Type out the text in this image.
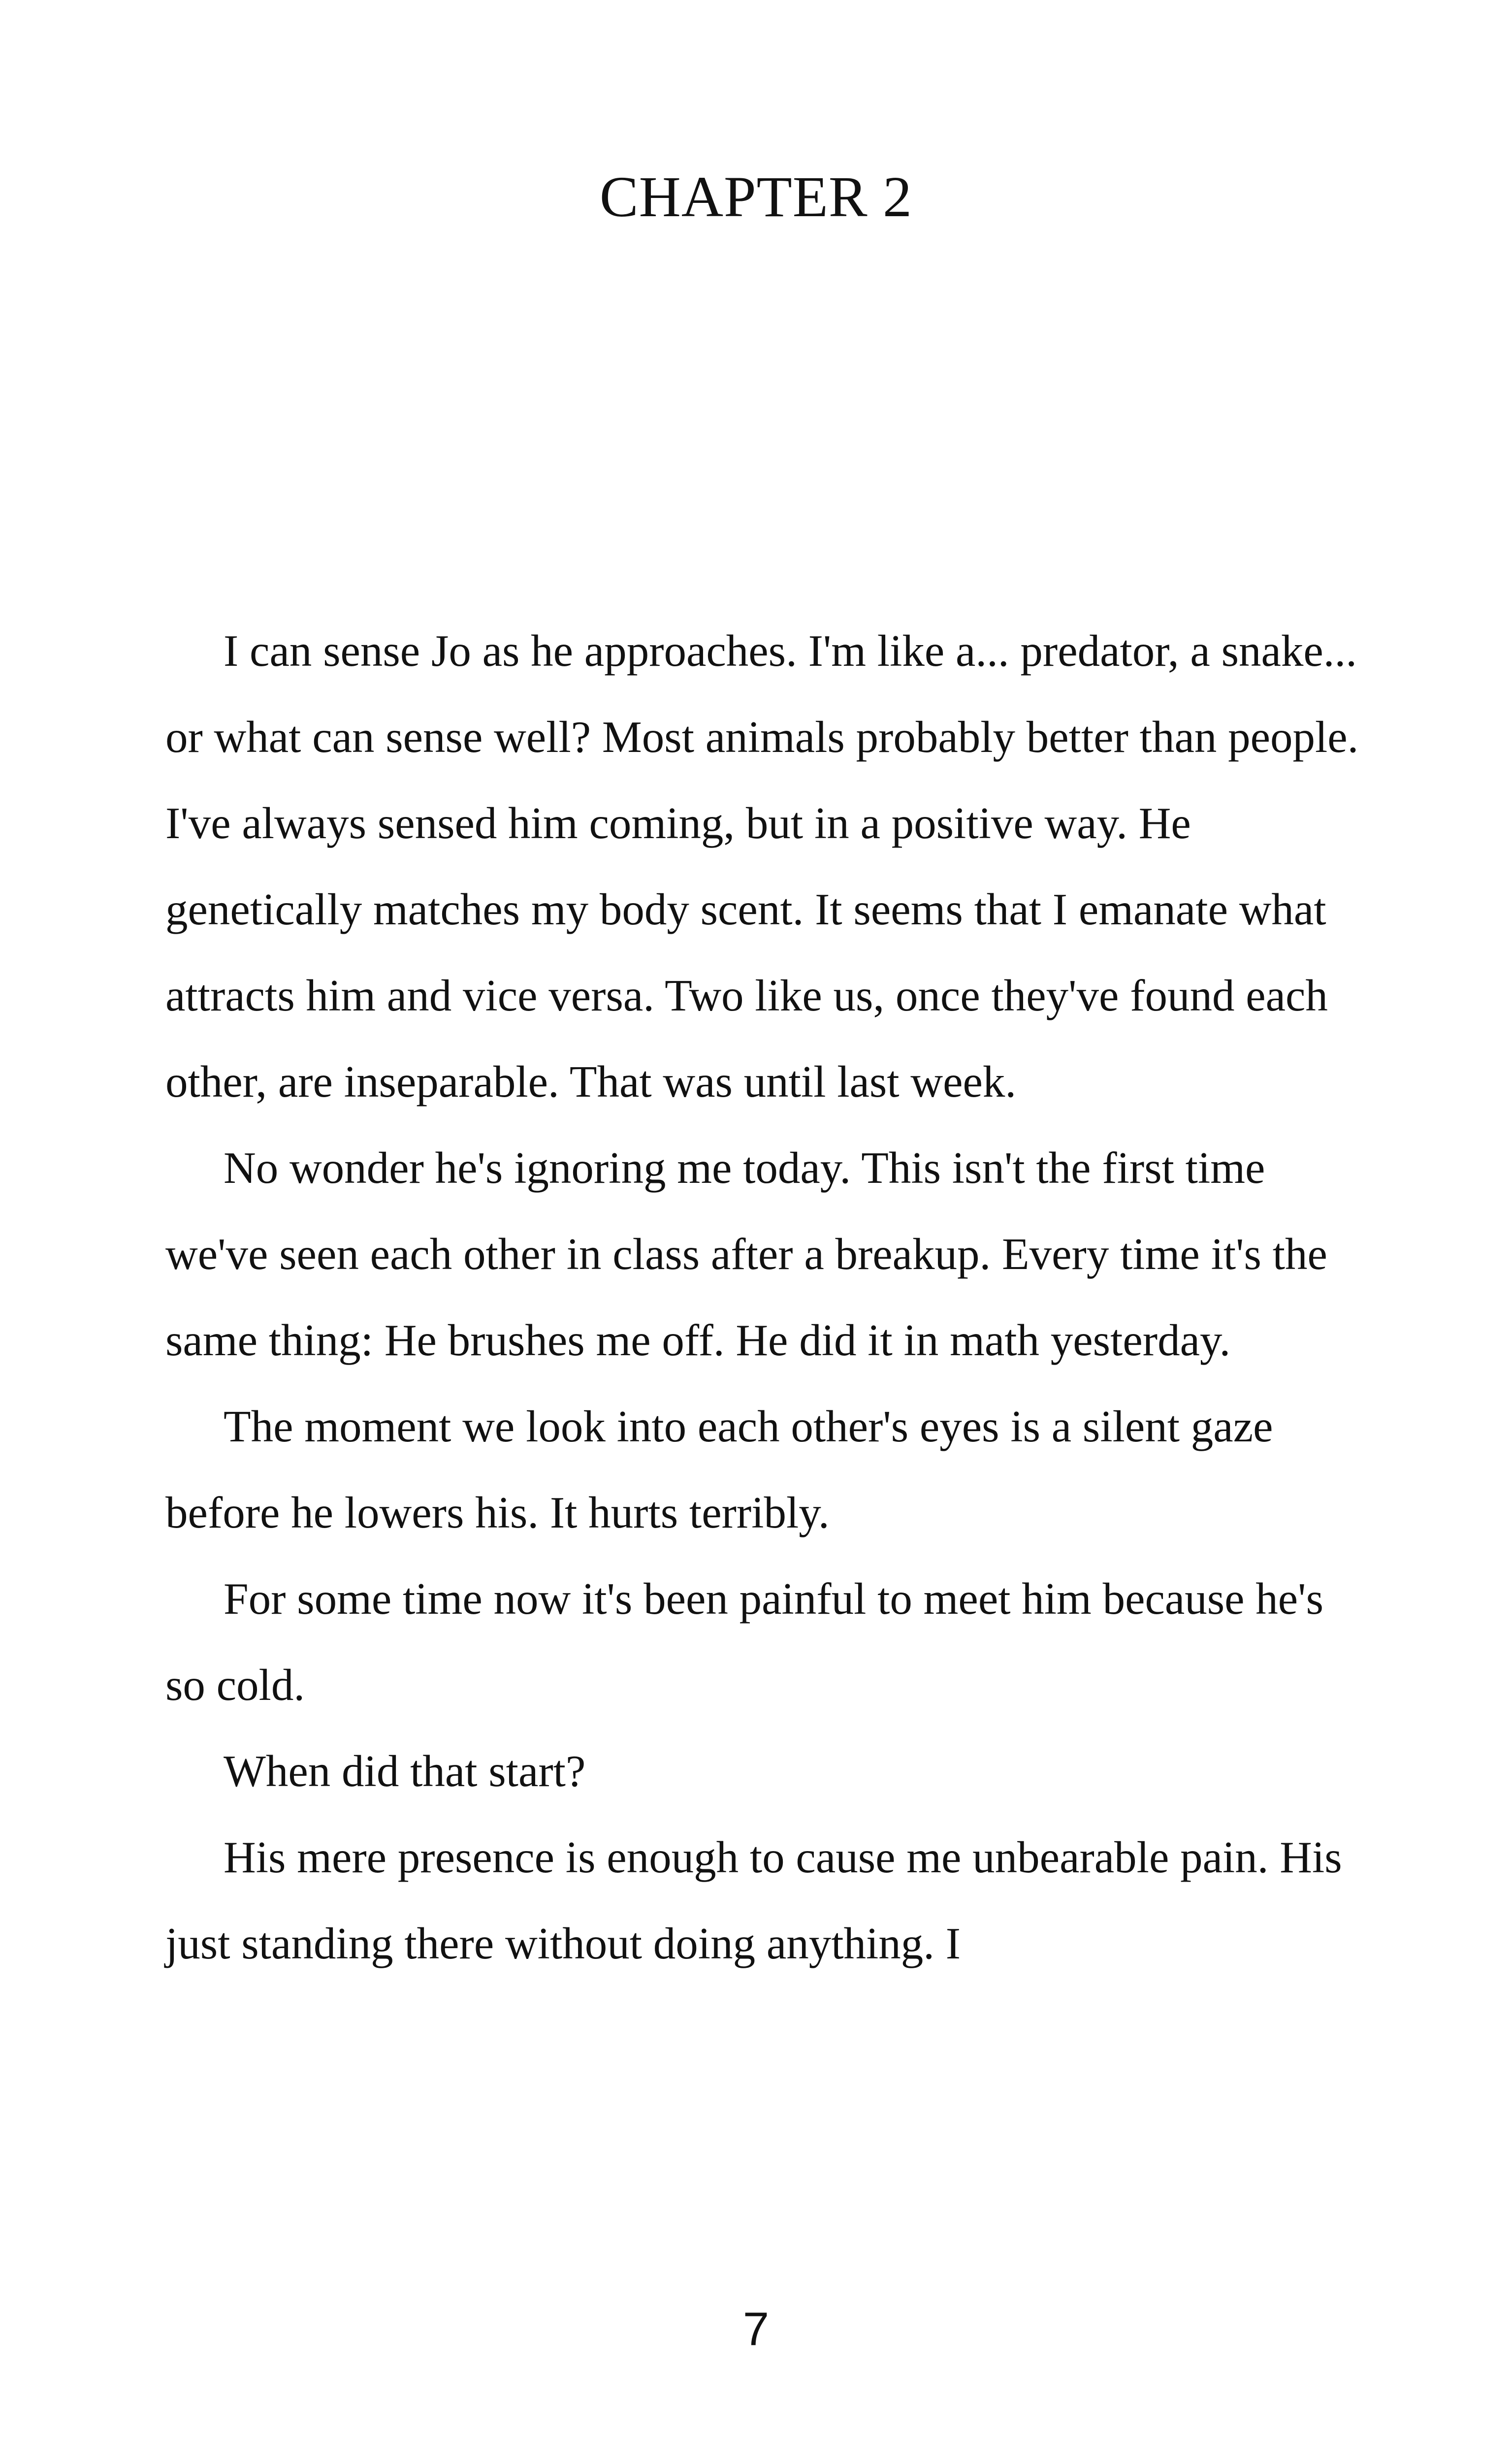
CHAPTER 2

I can sense Jo as he approaches. I'm like a... predator, a snake... or what can sense well? Most animals probably better than people. I've always sensed him coming, but in a positive way. He genetically matches my body scent. It seems that I emanate what attracts him and vice versa. Two like us, once they've found each other, are inseparable. That was until last week.

No wonder he's ignoring me today. This isn't the first time we've seen each other in class after a breakup. Every time it's the same thing: He brushes me off. He did it in math yesterday.

The moment we look into each other's eyes is a silent gaze before he lowers his. It hurts terribly.

For some time now it's been painful to meet him because he's so cold.

When did that start?

His mere presence is enough to cause me unbearable pain. His just standing there without doing anything. I

7
